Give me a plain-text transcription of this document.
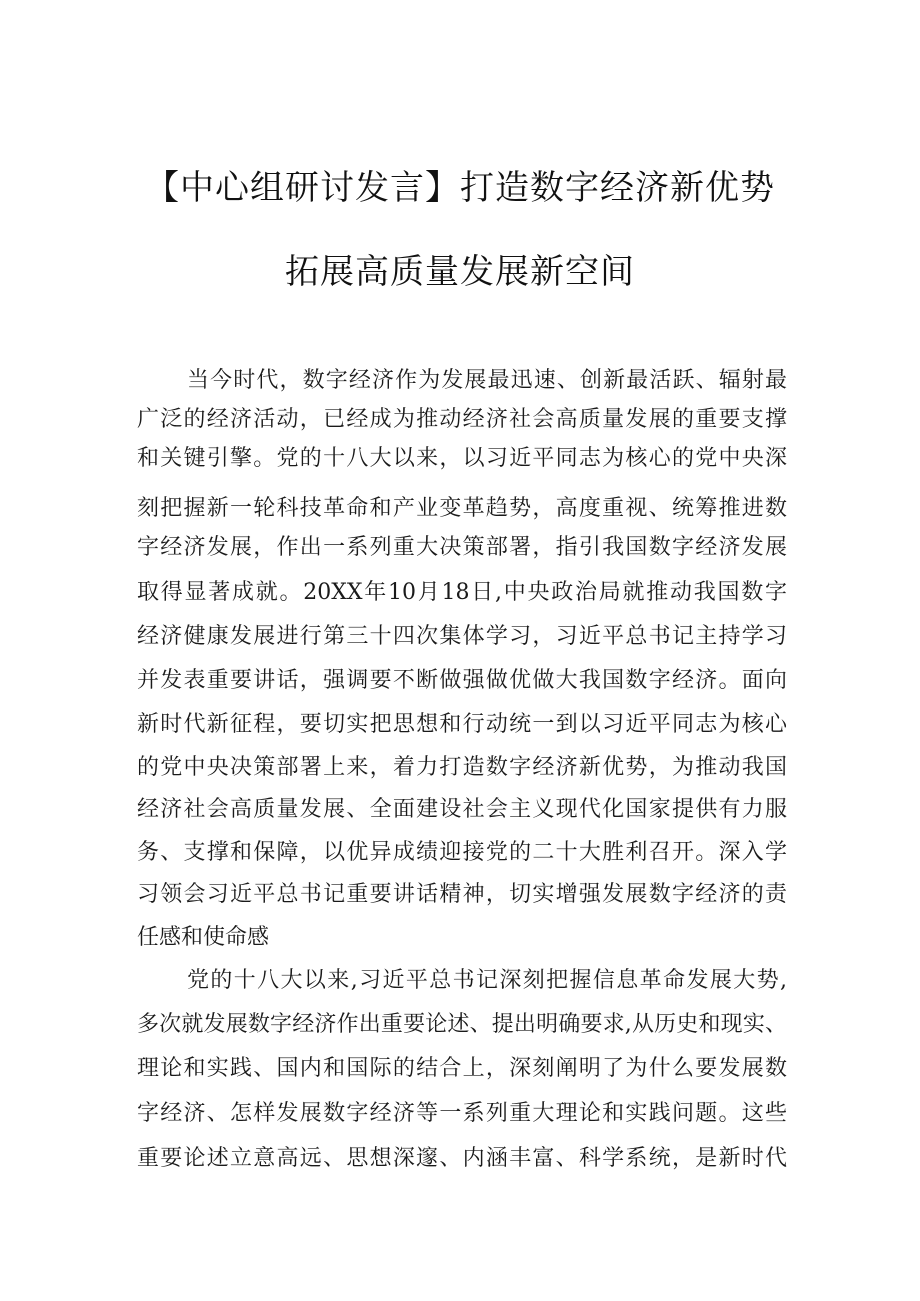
【中心组研讨发言】打造数字经济新优势
拓展高质量发展新空间
当今时代，数字经济作为发展最迅速、创新最活跃、辐射最
广泛的经济活动，已经成为推动经济社会高质量发展的重要支撑
和关键引擎。党的十八大以来，以习近平同志为核心的党中央深
刻把握新一轮科技革命和产业变革趋势，高度重视、统筹推进数
字经济发展，作出一系列重大决策部署，指引我国数字经济发展
取得显著成就。20XX年10月18日,中央政治局就推动我国数字
经济健康发展进行第三十四次集体学习，习近平总书记主持学习
并发表重要讲话，强调要不断做强做优做大我国数字经济。面向
新时代新征程，要切实把思想和行动统一到以习近平同志为核心
的党中央决策部署上来，着力打造数字经济新优势，为推动我国
经济社会高质量发展、全面建设社会主义现代化国家提供有力服
务、支撑和保障，以优异成绩迎接党的二十大胜利召开。深入学
习领会习近平总书记重要讲话精神，切实增强发展数字经济的责
任感和使命感
党的十八大以来,习近平总书记深刻把握信息革命发展大势,
多次就发展数字经济作出重要论述、提出明确要求,从历史和现实、
理论和实践、国内和国际的结合上，深刻阐明了为什么要发展数
字经济、怎样发展数字经济等一系列重大理论和实践问题。这些
重要论述立意高远、思想深邃、内涵丰富、科学系统，是新时代
